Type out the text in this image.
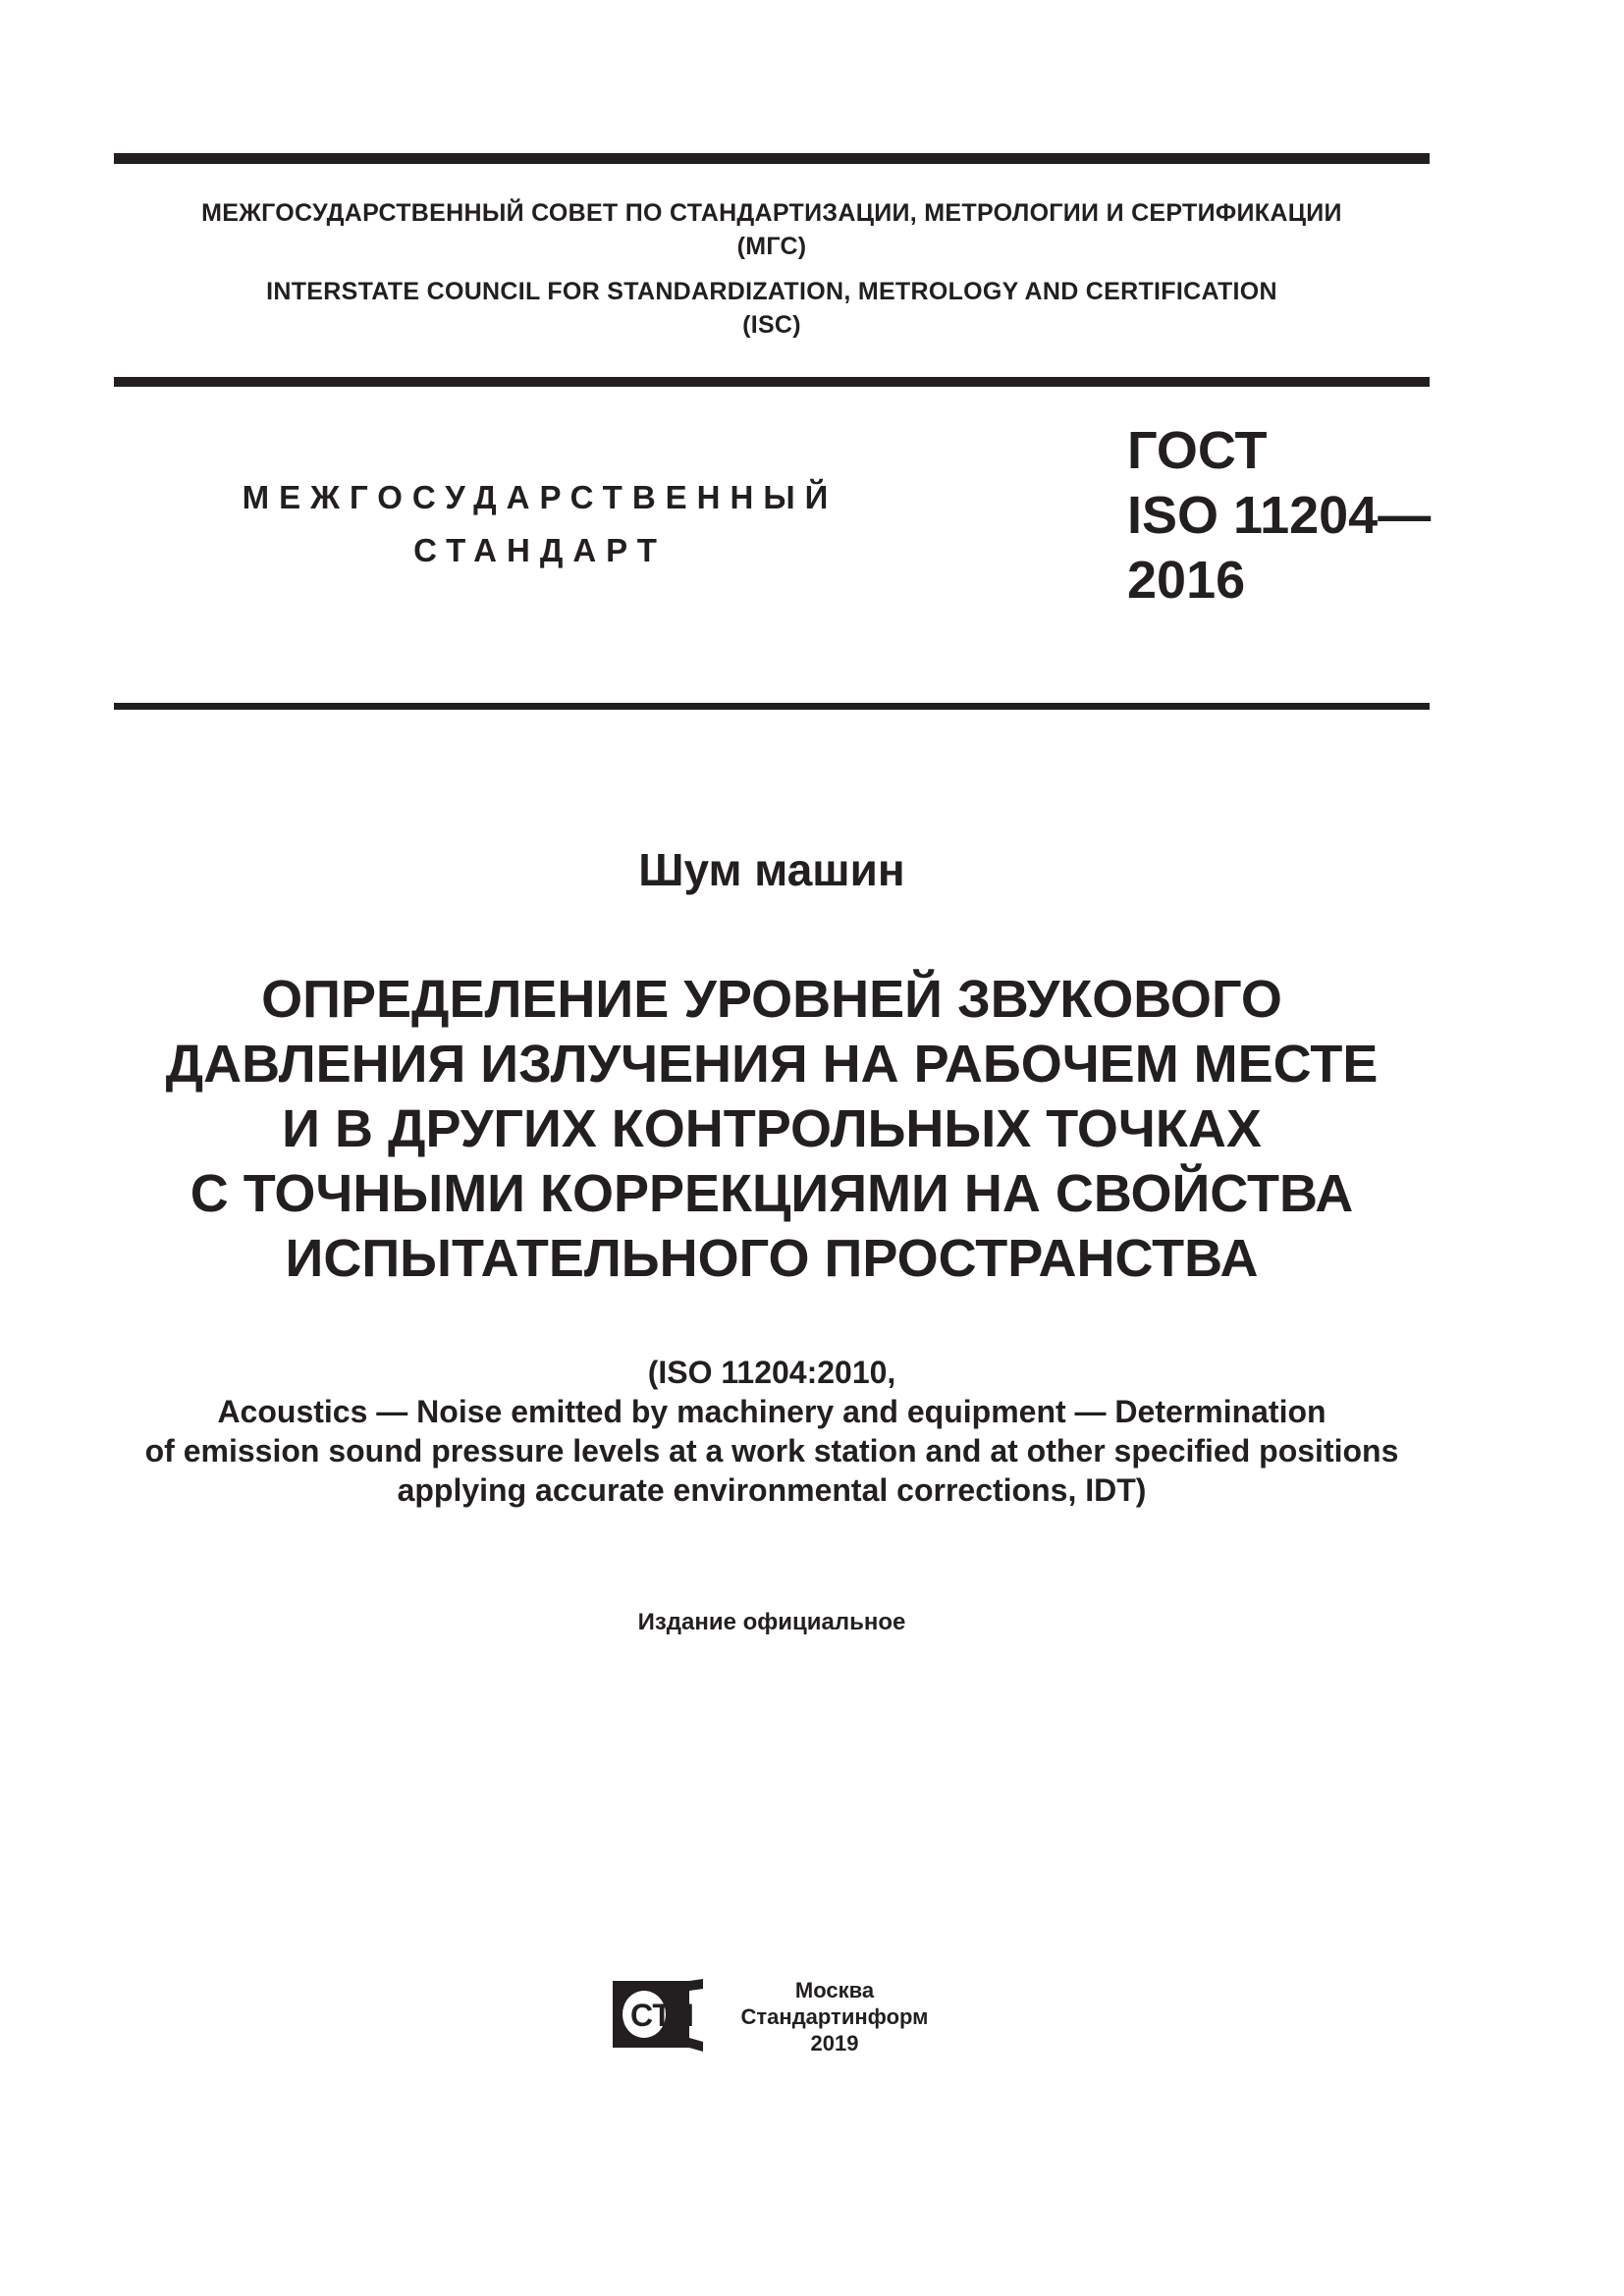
МЕЖГОСУДАРСТВЕННЫЙ СОВЕТ ПО СТАНДАРТИЗАЦИИ, МЕТРОЛОГИИ И СЕРТИФИКАЦИИ
(МГС)
INTERSTATE COUNCIL FOR STANDARDIZATION, METROLOGY AND CERTIFICATION
(ISC)
МЕЖГОСУДАРСТВЕННЫЙ
СТАНДАРТ
ГОСТ
ISO 11204—
2016
Шум машин
ОПРЕДЕЛЕНИЕ УРОВНЕЙ ЗВУКОВОГО
ДАВЛЕНИЯ ИЗЛУЧЕНИЯ НА РАБОЧЕМ МЕСТЕ
И В ДРУГИХ КОНТРОЛЬНЫХ ТОЧКАХ
С ТОЧНЫМИ КОРРЕКЦИЯМИ НА СВОЙСТВА
ИСПЫТАТЕЛЬНОГО ПРОСТРАНСТВА
(ISO 11204:2010,
Acoustics — Noise emitted by machinery and equipment — Determination
of emission sound pressure levels at a work station and at other specified positions
applying accurate environmental corrections, IDT)
Издание официальное
СТИ
Москва
Стандартинформ
2019
